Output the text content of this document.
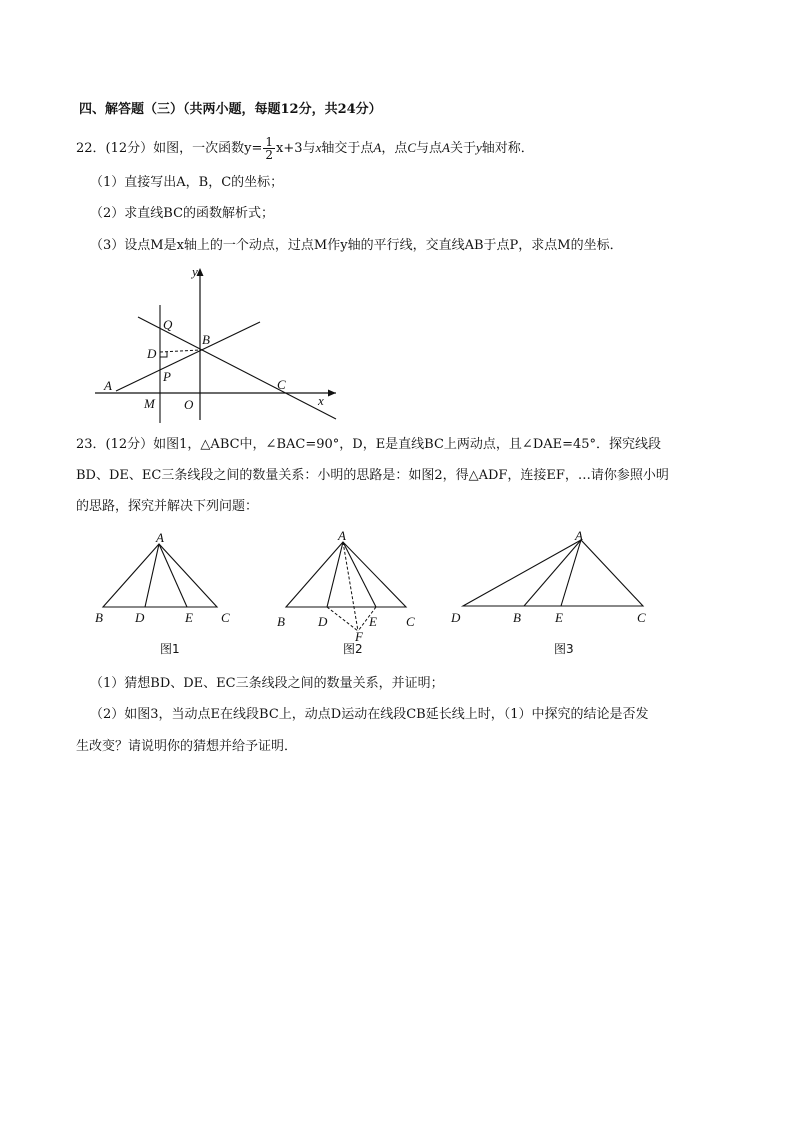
四、解答题（三）（共两小题，每题12分，共24分）
22．(12分）如图，一次函数$y= \frac{1}{2} x+3$与x轴交于点A，点C与点A关于y轴对称．
（1）直接写出A，B，C的坐标；
（2）求直线BC的函数解析式；
（3）设点M是x轴上的一个动点，过点M作y轴的平行线，交直线AB于点P，求点M的坐标．
y
x
Q
B
D
P
A	C
M O
23．(12分）如图1，△ABC中，∠BAC=90°，D，E是直线BC上两动点，且∠DAE=45°．探究线段
BD、DE、EC三条线段之间的数量关系：小明的思路是：如图2，得△ADF，连接EF，…请你参照小明
的思路，探究并解决下列问题：
A
B D	E C
图1
A
B	D	E C
F
图2
A
D	B	E	C
图3
（1）猜想BD、DE、EC三条线段之间的数量关系，并证明；
（2）如图3，当动点E在线段BC上，动点D运动在线段CB延长线上时，（1）中探究的结论是否发
生改变？请说明你的猜想并给予证明．
